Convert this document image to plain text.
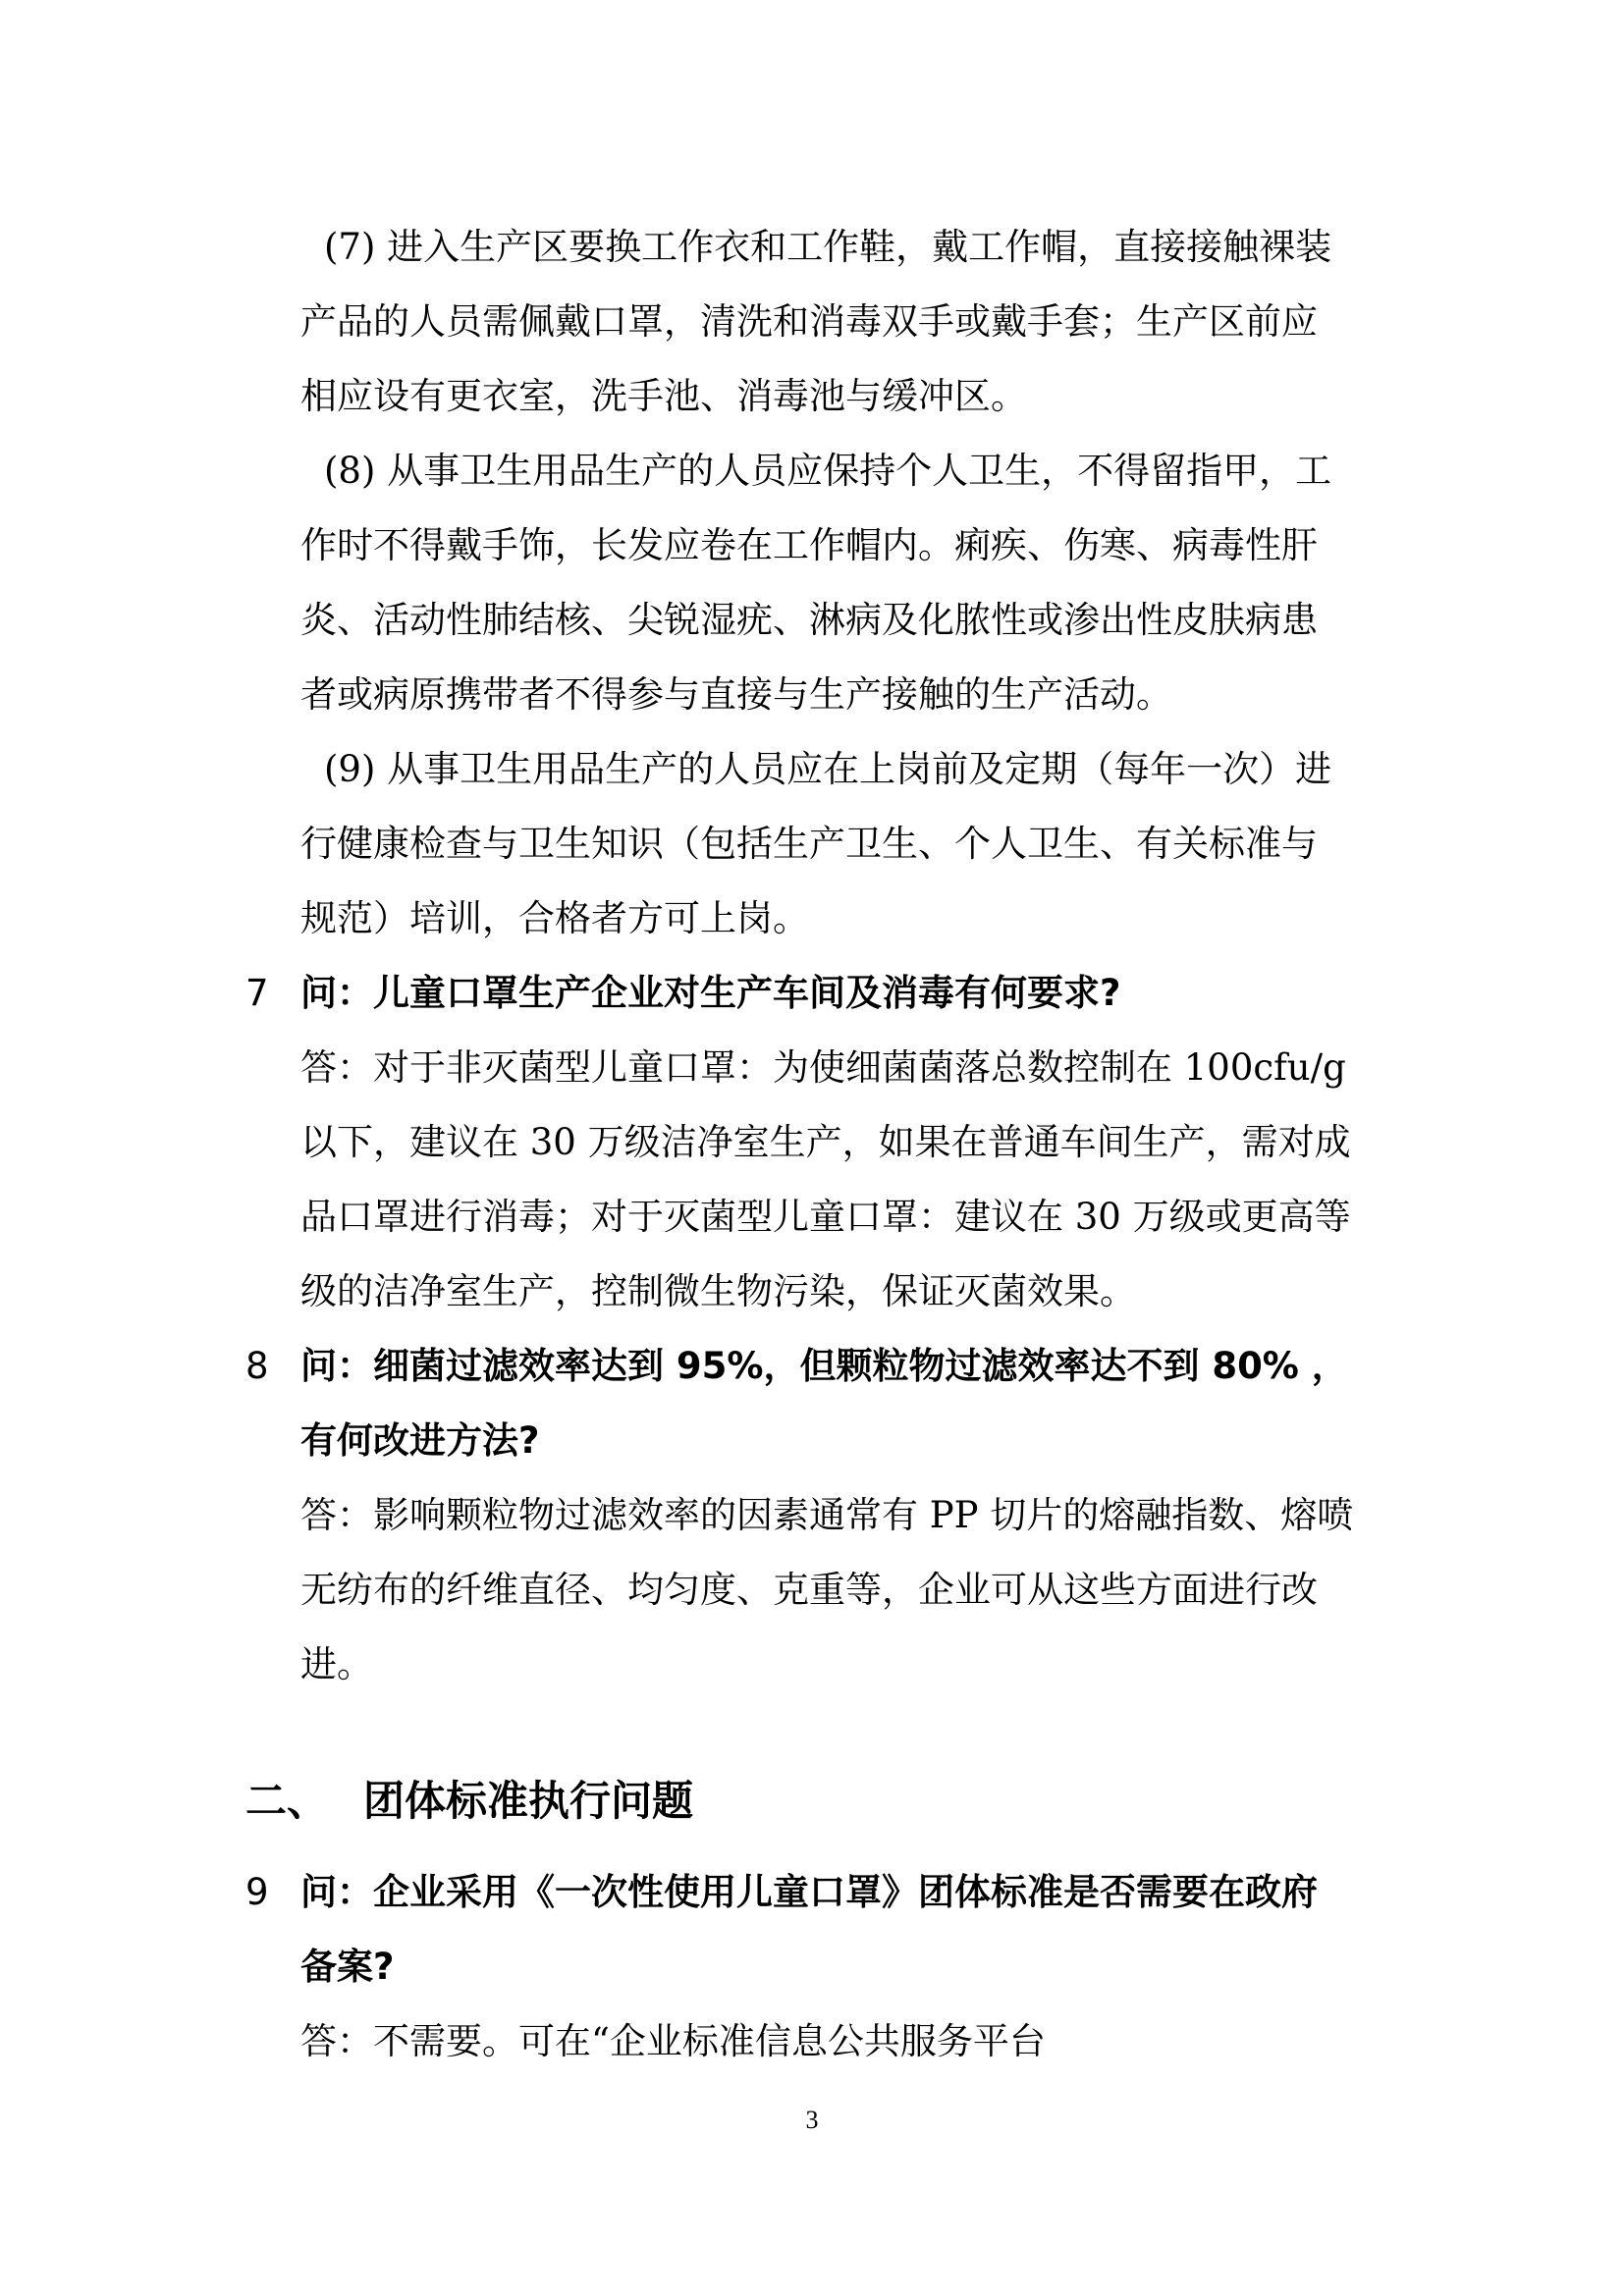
(7) 进入生产区要换工作衣和工作鞋，戴工作帽，直接接触裸装
产品的人员需佩戴口罩，清洗和消毒双手或戴手套；生产区前应
相应设有更衣室，洗手池、消毒池与缓冲区。
(8) 从事卫生用品生产的人员应保持个人卫生，不得留指甲，工
作时不得戴手饰，长发应卷在工作帽内。痢疾、伤寒、病毒性肝
炎、活动性肺结核、尖锐湿疣、淋病及化脓性或渗出性皮肤病患
者或病原携带者不得参与直接与生产接触的生产活动。
(9) 从事卫生用品生产的人员应在上岗前及定期（每年一次）进
行健康检查与卫生知识（包括生产卫生、个人卫生、有关标准与
规范）培训，合格者方可上岗。
7 问：儿童口罩生产企业对生产车间及消毒有何要求?
答：对于非灭菌型儿童口罩：为使细菌菌落总数控制在 100cfu/g
以下，建议在 30 万级洁净室生产，如果在普通车间生产，需对成
品口罩进行消毒；对于灭菌型儿童口罩：建议在 30 万级或更高等
级的洁净室生产，控制微生物污染，保证灭菌效果。
8 问：细菌过滤效率达到 95%，但颗粒物过滤效率达不到 80% ，
有何改进方法?
答：影响颗粒物过滤效率的因素通常有 PP 切片的熔融指数、熔喷
无纺布的纤维直径、均匀度、克重等，企业可从这些方面进行改
进。
二、 团体标准执行问题
9 问：企业采用《一次性使用儿童口罩》团体标准是否需要在政府
备案?
答：不需要。可在“企业标准信息公共服务平台
3
